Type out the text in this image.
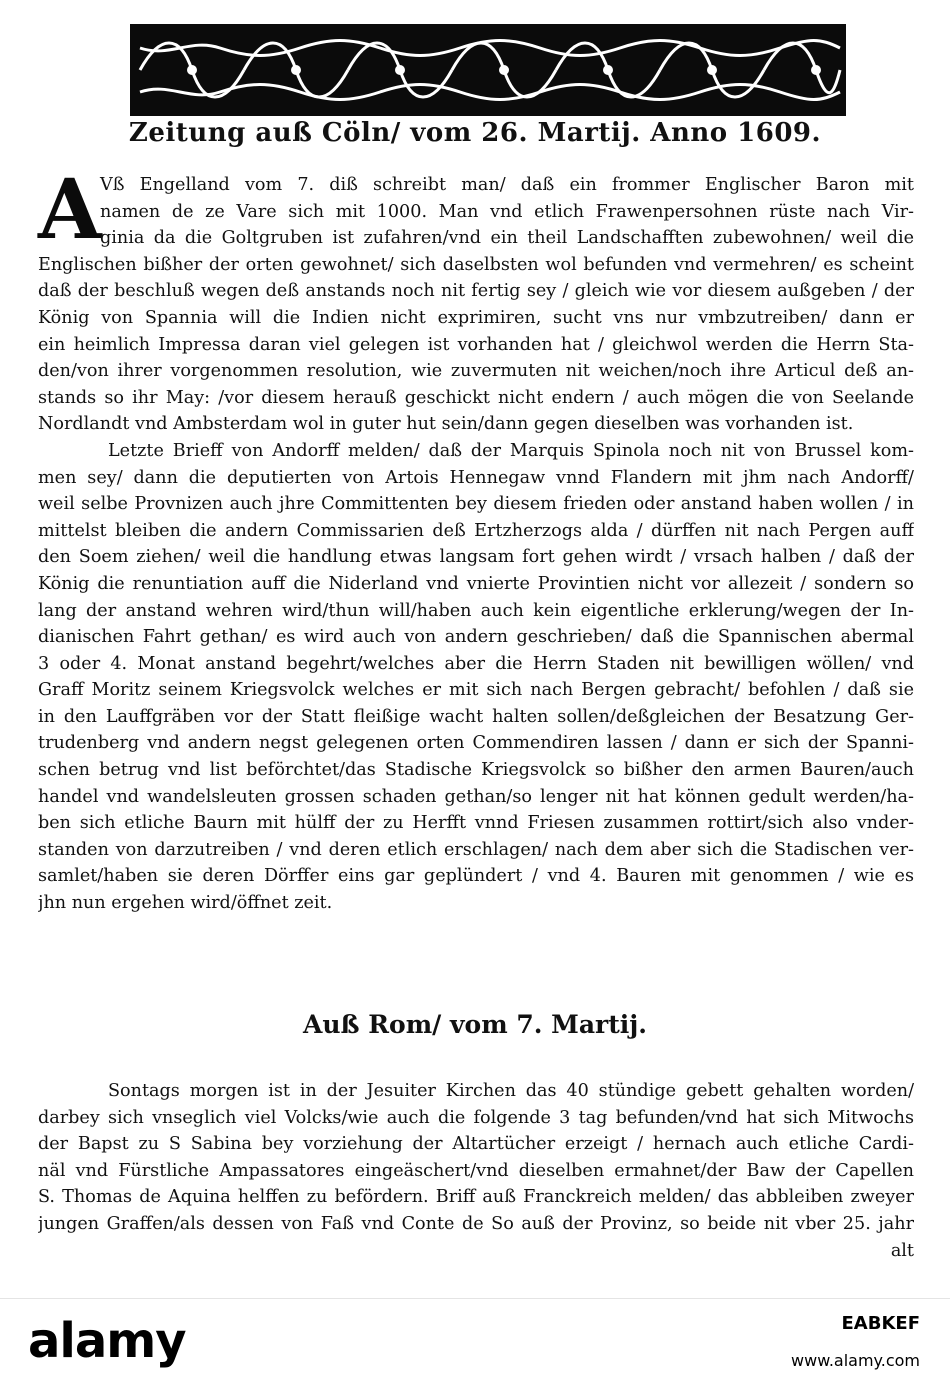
Zeitung auß Cöln/ vom 26. Martij. Anno 1609.
A
Vß Engelland vom 7. diß schreibt man/ daß ein frommer Englischer Baron mit
namen de ze Vare sich mit 1000. Man vnd etlich Frawenpersohnen rüste nach Vir-
ginia da die Goltgruben ist zufahren/vnd ein theil Landschafften zubewohnen/ weil die
Englischen bißher der orten gewohnet/ sich daselbsten wol befunden vnd vermehren/ es scheint
daß der beschluß wegen deß anstands noch nit fertig sey / gleich wie vor diesem außgeben / der
König von Spannia will die Indien nicht exprimiren, sucht vns nur vmbzutreiben/ dann er
ein heimlich Impressa daran viel gelegen ist vorhanden hat / gleichwol werden die Herrn Sta-
den/von ihrer vorgenommen resolution, wie zuvermuten nit weichen/noch ihre Articul deß an-
stands so ihr May: /vor diesem herauß geschickt nicht endern / auch mögen die von Seelande
Nordlandt vnd Ambsterdam wol in guter hut sein/dann gegen dieselben was vorhanden ist.
Letzte Brieff von Andorff melden/ daß der Marquis Spinola noch nit von Brussel kom-
men sey/ dann die deputierten von Artois Hennegaw vnnd Flandern mit jhm nach Andorff/
weil selbe Provnizen auch jhre Committenten bey diesem frieden oder anstand haben wollen / in
mittelst bleiben die andern Commissarien deß Ertzherzogs alda / dürffen nit nach Pergen auff
den Soem ziehen/ weil die handlung etwas langsam fort gehen wirdt / vrsach halben / daß der
König die renuntiation auff die Niderland vnd vnierte Provintien nicht vor allezeit / sondern so
lang der anstand wehren wird/thun will/haben auch kein eigentliche erklerung/wegen der In-
dianischen Fahrt gethan/ es wird auch von andern geschrieben/ daß die Spannischen abermal
3 oder 4. Monat anstand begehrt/welches aber die Herrn Staden nit bewilligen wöllen/ vnd
Graff Moritz seinem Kriegsvolck welches er mit sich nach Bergen gebracht/ befohlen / daß sie
in den Lauffgräben vor der Statt fleißige wacht halten sollen/deßgleichen der Besatzung Ger-
trudenberg vnd andern negst gelegenen orten Commendiren lassen / dann er sich der Spanni-
schen betrug vnd list beförchtet/das Stadische Kriegsvolck so bißher den armen Bauren/auch
handel vnd wandelsleuten grossen schaden gethan/so lenger nit hat können gedult werden/ha-
ben sich etliche Baurn mit hülff der zu Herfft vnnd Friesen zusammen rottirt/sich also vnder-
standen von darzutreiben / vnd deren etlich erschlagen/ nach dem aber sich die Stadischen ver-
samlet/haben sie deren Dörffer eins gar geplündert / vnd 4. Bauren mit genommen / wie es
jhn nun ergehen wird/öffnet zeit.
Auß Rom/ vom 7. Martij.
Sontags morgen ist in der Jesuiter Kirchen das 40 stündige gebett gehalten worden/
darbey sich vnseglich viel Volcks/wie auch die folgende 3 tag befunden/vnd hat sich Mitwochs
der Bapst zu S Sabina bey vorziehung der Altartücher erzeigt / hernach auch etliche Cardi-
näl vnd Fürstliche Ampassatores eingeäschert/vnd dieselben ermahnet/der Baw der Capellen
S. Thomas de Aquina helffen zu befördern. Briff auß Franckreich melden/ das abbleiben zweyer
jungen Graffen/als dessen von Faß vnd Conte de So auß der Provinz, so beide nit vber 25. jahr
alt
alamy	EABKEF
www.alamy.com
